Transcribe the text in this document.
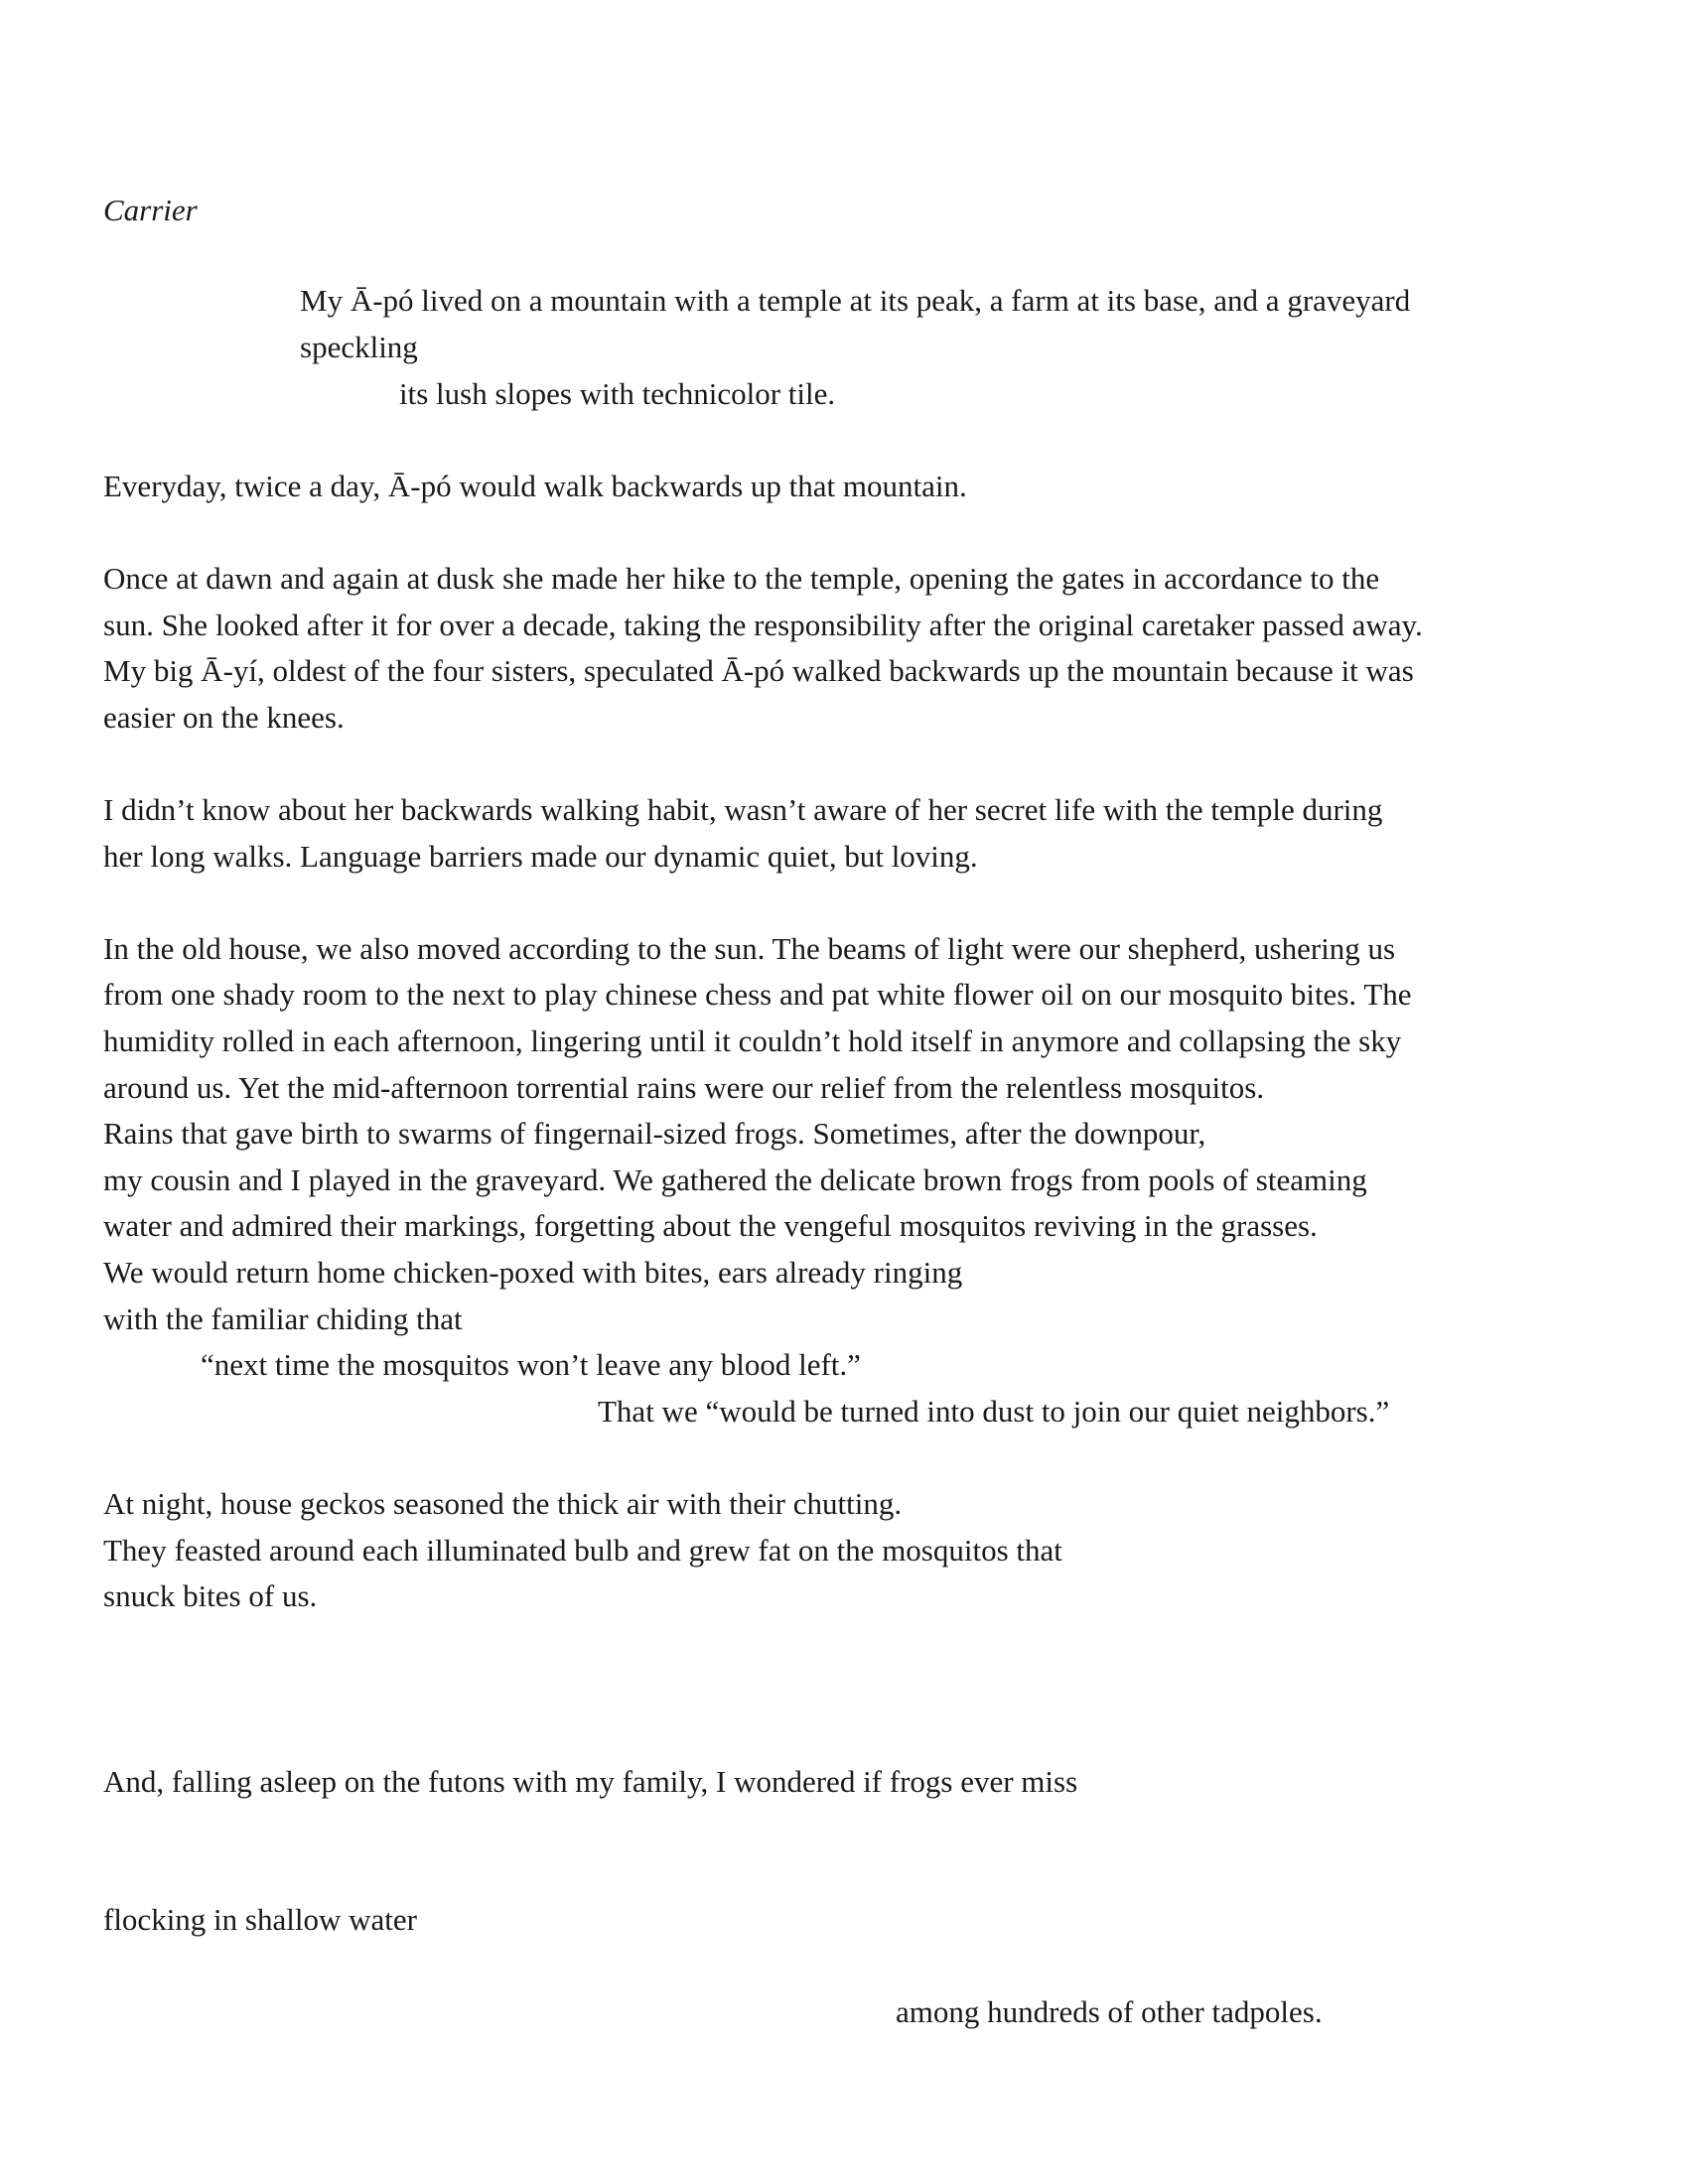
Carrier

My Ā-pó lived on a mountain with a temple at its peak, a farm at its base, and a graveyard

speckling

its lush slopes with technicolor tile.

Everyday, twice a day, Ā-pó would walk backwards up that mountain.

Once at dawn and again at dusk she made her hike to the temple, opening the gates in accordance to the

sun. She looked after it for over a decade, taking the responsibility after the original caretaker passed away.

My big Ā-yí, oldest of the four sisters, speculated Ā-pó walked backwards up the mountain because it was

easier on the knees.

I didn’t know about her backwards walking habit, wasn’t aware of her secret life with the temple during

her long walks. Language barriers made our dynamic quiet, but loving.

In the old house, we also moved according to the sun. The beams of light were our shepherd, ushering us

from one shady room to the next to play chinese chess and pat white flower oil on our mosquito bites. The

humidity rolled in each afternoon, lingering until it couldn’t hold itself in anymore and collapsing the sky

around us. Yet the mid-afternoon torrential rains were our relief from the relentless mosquitos.

Rains that gave birth to swarms of fingernail-sized frogs. Sometimes, after the downpour,

my cousin and I played in the graveyard. We gathered the delicate brown frogs from pools of steaming

water and admired their markings, forgetting about the vengeful mosquitos reviving in the grasses.

We would return home chicken-poxed with bites, ears already ringing

with the familiar chiding that

“next time the mosquitos won’t leave any blood left.”

That we “would be turned into dust to join our quiet neighbors.”

At night, house geckos seasoned the thick air with their chutting.

They feasted around each illuminated bulb and grew fat on the mosquitos that

snuck bites of us.

And, falling asleep on the futons with my family, I wondered if frogs ever miss

flocking in shallow water

among hundreds of other tadpoles.
